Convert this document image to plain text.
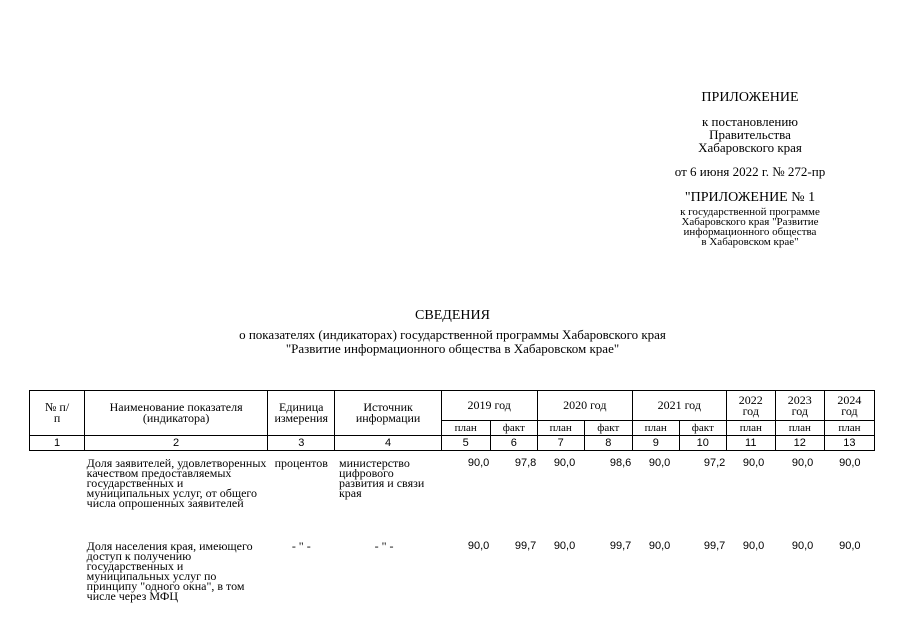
ПРИЛОЖЕНИЕ
к постановлению
Правительства
Хабаровского края
от 6 июня 2022 г. № 272-пр
"ПРИЛОЖЕНИЕ № 1
к государственной программе
Хабаровского края "Развитие
информационного общества
в Хабаровском крае"
СВЕДЕНИЯ
о показателях (индикаторах) государственной программы Хабаровского края
"Развитие информационного общества в Хабаровском крае"
№ п/п	Наименование показателя (индикатора)	Единица измерения	Источник информации	2019 год		2020 год		2021 год		2022 год	2023 год	2024 год
				план	факт	план	факт	план	факт	план	план	план
1	2	3	4	5	6	7	8	9	10	11	12	13

	Доля заявителей, удовлетворенных качеством предоставляемых государственных и муниципальных услуг, от общего числа опрошенных заявителей	процентов	министерство цифрового развития и связи края	90,0	97,8	90,0	98,6	90,0	97,2	90,0	90,0	90,0
	Доля населения края, имеющего доступ к получению государственных и муниципальных услуг по принципу "одного окна", в том числе через МФЦ	- " -	- " -	90,0	99,7	90,0	99,7	90,0	99,7	90,0	90,0	90,0
